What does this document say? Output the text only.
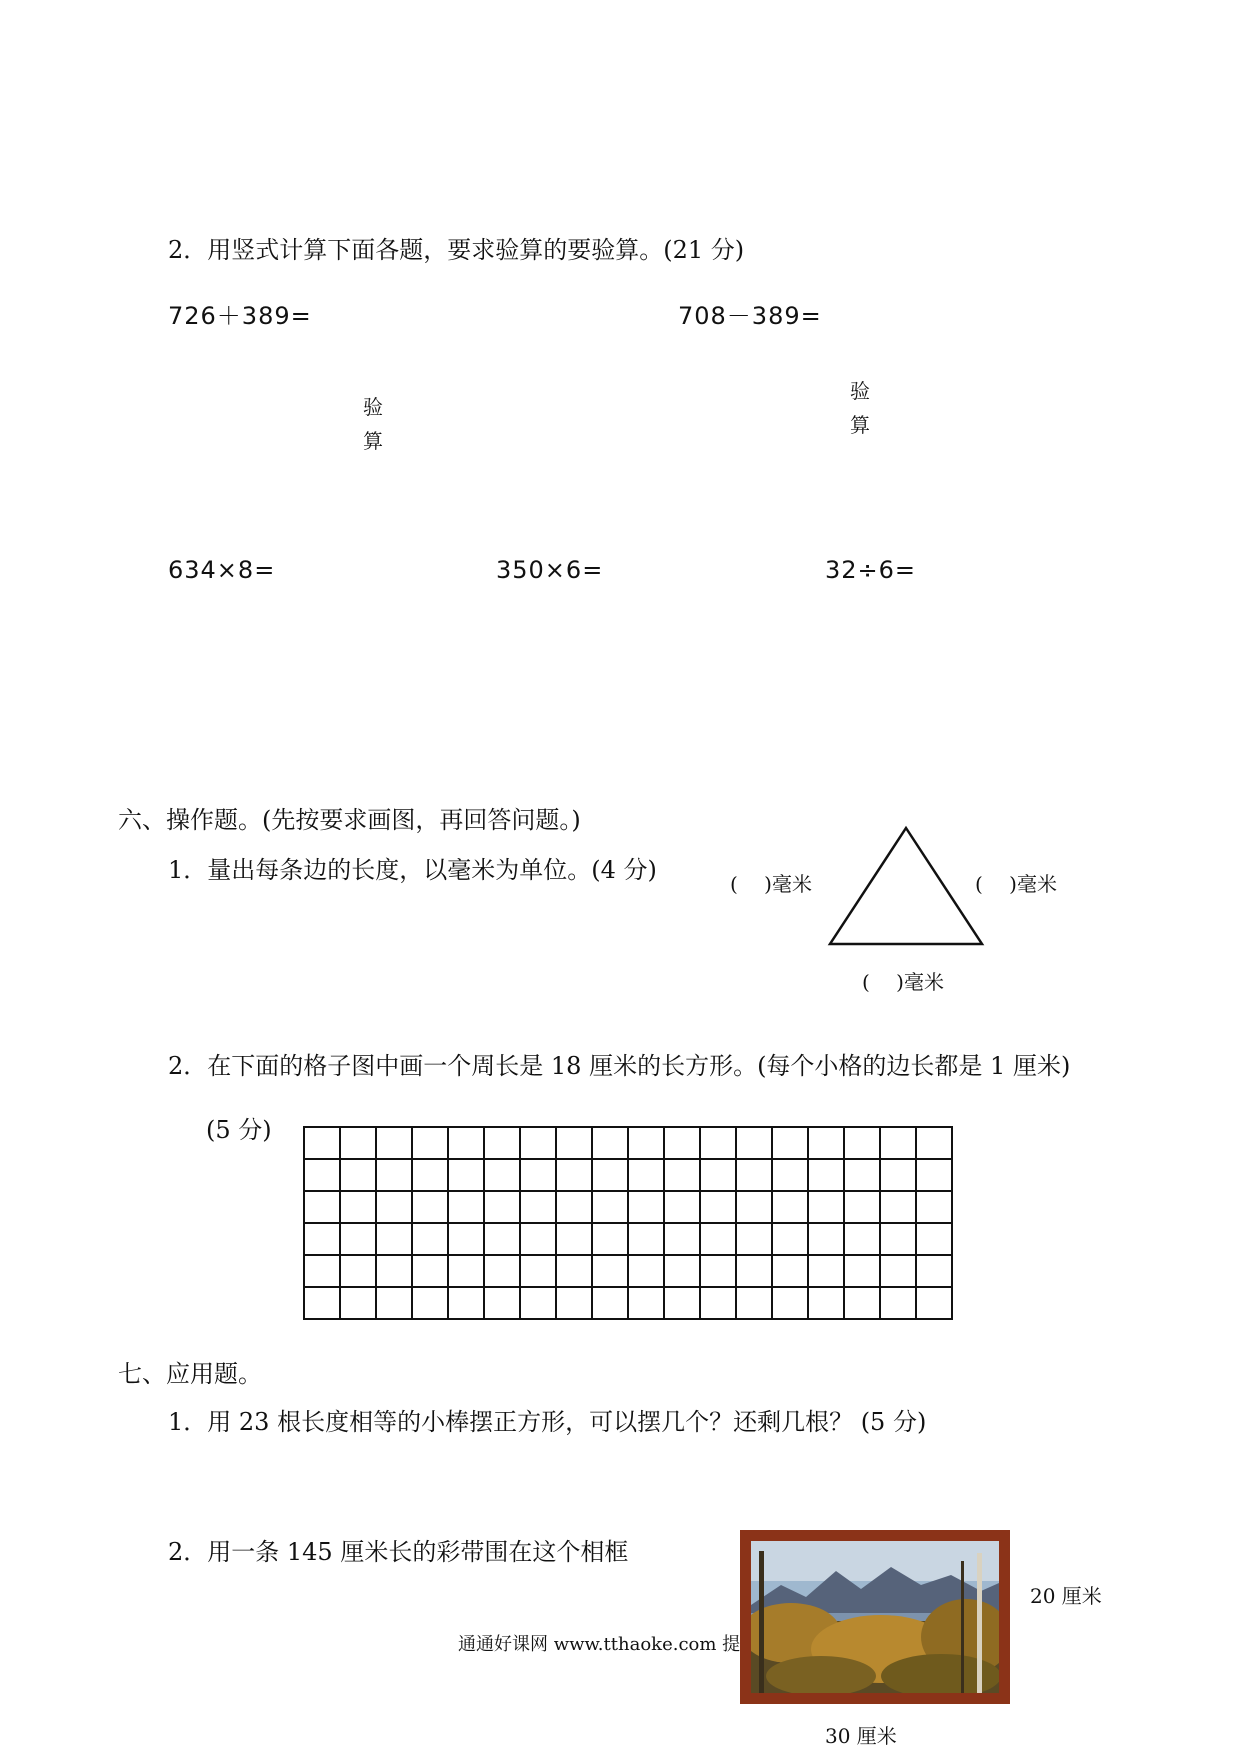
2．用竖式计算下面各题，要求验算的要验算。(21 分)
726＋389=	708－389=
验
算
验
算
634×8=	350×6=	32÷6=
六、操作题。(先按要求画图，再回答问题。)
1．量出每条边的长度，以毫米为单位。(4 分)	(　 )毫米	(　 )毫米
(　 )毫米
2．在下面的格子图中画一个周长是 18 厘米的长方形。(每个小格的边长都是 1 厘米)
(5 分)

七、应用题。
1．用 23 根长度相等的小棒摆正方形，可以摆几个？还剩几根？ (5 分)
2．用一条 145 厘米长的彩带围在这个相框
20 厘米
30 厘米
通通好课网 www.tthaoke.com 提
